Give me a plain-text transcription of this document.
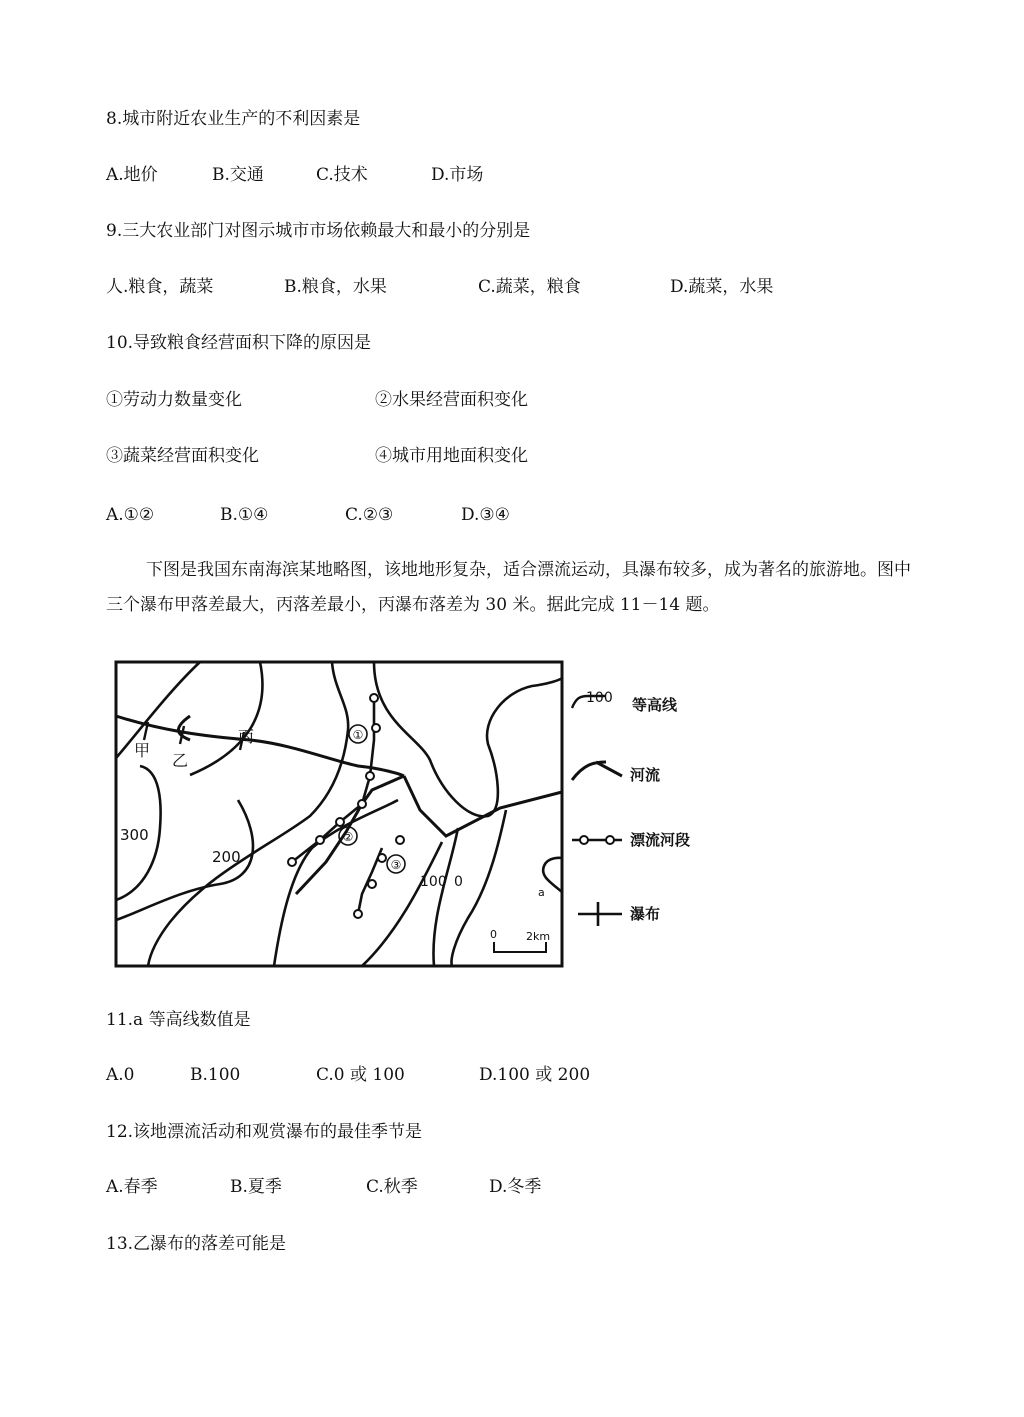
8.城市附近农业生产的不利因素是
A.地价	B.交通	C.技术	D.市场
9.三大农业部门对图示城市市场依赖最大和最小的分别是
人.粮食，蔬菜	B.粮食，水果	C.蔬菜，粮食	D.蔬菜，水果
10.导致粮食经营面积下降的原因是
①劳动力数量变化	②水果经营面积变化
③蔬菜经营面积变化	④城市用地面积变化
A.①②	B.①④	C.②③	D.③④
下图是我国东南海滨某地略图，该地地形复杂，适合漂流运动，具瀑布较多，成为著名的旅游地。图中三个瀑布甲落差最大，丙落差最小，丙瀑布落差为 30 米。据此完成 11－14 题。
甲
乙
丙	①
②
③
300
200
100 0
a
0	2km
100 等高线
河流
漂流河段
瀑布
11.a 等高线数值是
A.0	B.100	C.0 或 100	D.100 或 200
12.该地漂流活动和观赏瀑布的最佳季节是
A.春季	B.夏季	C.秋季	D.冬季
13.乙瀑布的落差可能是
